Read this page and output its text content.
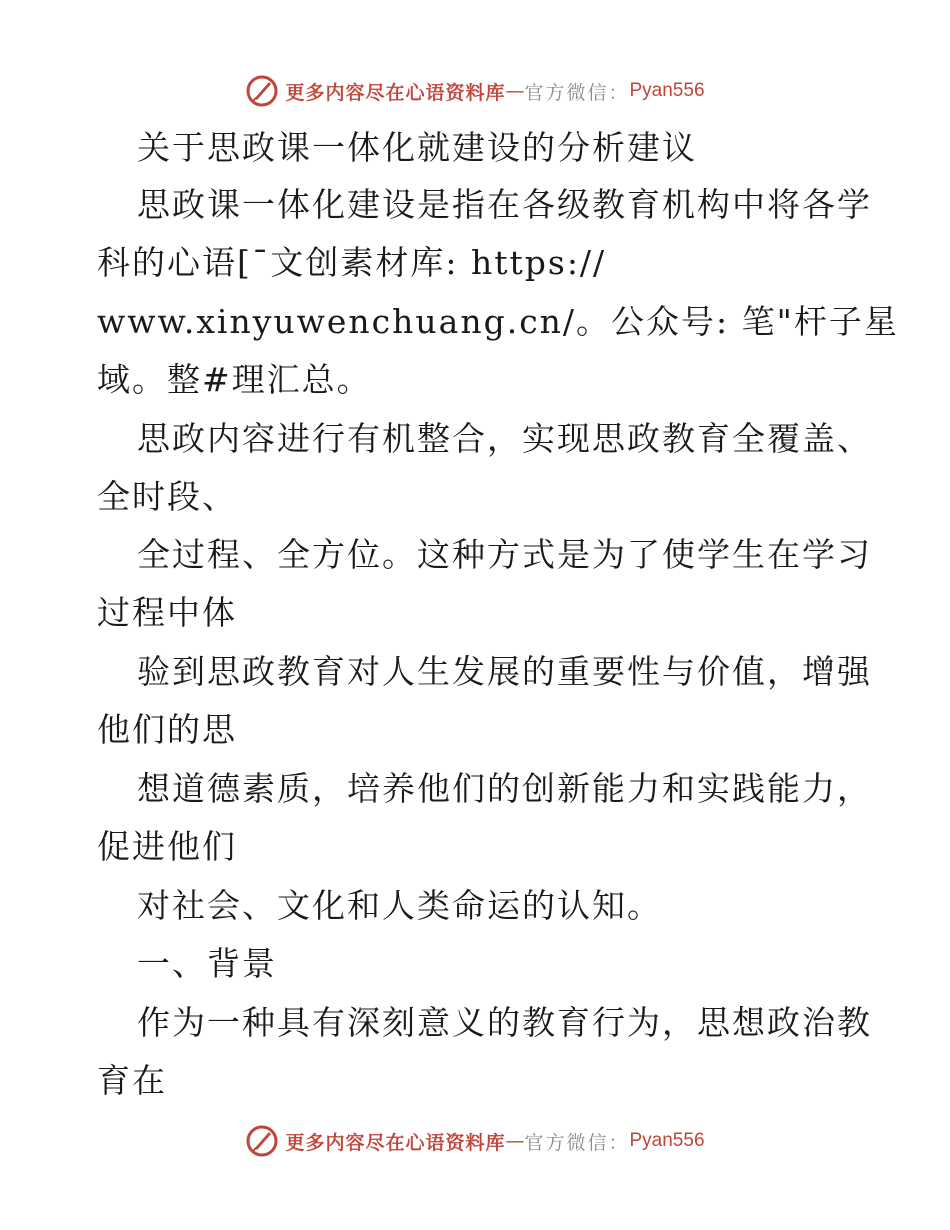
更多内容尽在心语资料库 — 官方微信： Pyan556
关于思政课一体化就建设的分析建议
思政课一体化建设是指在各级教育机构中将各学
科的心语[¯文创素材库: https://
www.xinyuwenchuang.cn/。公众号: 笔"杆子星
域。整#理汇总。
思政内容进行有机整合，实现思政教育全覆盖、
全时段、
全过程、全方位。这种方式是为了使学生在学习
过程中体
验到思政教育对人生发展的重要性与价值，增强
他们的思
想道德素质，培养他们的创新能力和实践能力，
促进他们
对社会、文化和人类命运的认知。
一、背景
作为一种具有深刻意义的教育行为，思想政治教
育在
更多内容尽在心语资料库 — 官方微信： Pyan556
